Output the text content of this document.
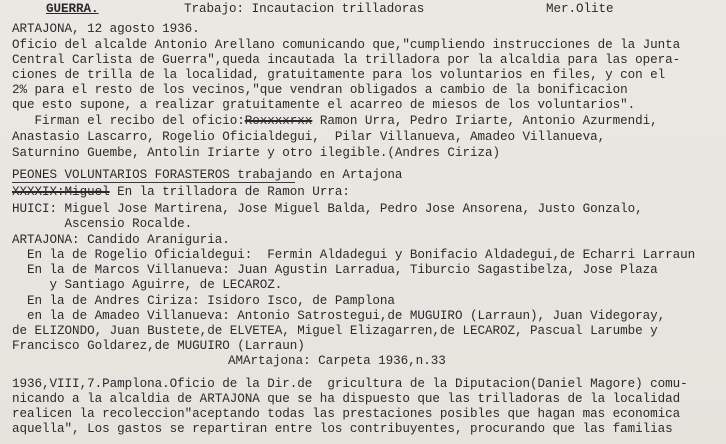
GUERRA.	Trabajo: Incautacion trilladoras	Mer.Olite
ARTAJONA, 12 agosto 1936.
Oficio del alcalde Antonio Arellano comunicando que,"cumpliendo instrucciones de la Junta
Central Carlista de Guerra",queda incautada la trilladora por la alcaldia para las opera-
ciones de trilla de la localidad, gratuitamente para los voluntarios en files, y con el
2% para el resto de los vecinos,"que vendran obligados a cambio de la bonificacion
que esto supone, a realizar gratuitamente el acarreo de miesos de los voluntarios".
Firman el recibo del oficio:Roxxxxrxx Ramon Urra, Pedro Iriarte, Antonio Azurmendi,
Anastasio Lascarro, Rogelio Oficialdegui,  Pilar Villanueva, Amadeo Villanueva,
Saturnino Guembe, Antolin Iriarte y otro ilegible.(Andres Ciriza)
PEONES VOLUNTARIOS FORASTEROS trabajando en Artajona
XXXXIX:Miguel En la trilladora de Ramon Urra:
HUICI: Miguel Jose Martirena, Jose Miguel Balda, Pedro Jose Ansorena, Justo Gonzalo,
Ascensio Rocalde.
ARTAJONA: Candido Araniguria.
En la de Rogelio Oficialdegui:  Fermin Aldadegui y Bonifacio Aldadegui,de Echarri Larraun
En la de Marcos Villanueva: Juan Agustin Larradua, Tiburcio Sagastibelza, Jose Plaza
y Santiago Aguirre, de LECAROZ.
En la de Andres Ciriza: Isidoro Isco, de Pamplona
en la de Amadeo Villanueva: Antonio Satrostegui,de MUGUIRO (Larraun), Juan Videgoray,
de ELIZONDO, Juan Bustete,de ELVETEA, Miguel Elizagarren,de LECAROZ, Pascual Larumbe y
Francisco Goldarez,de MUGUIRO (Larraun)
AMArtajona: Carpeta 1936,n.33
1936,VIII,7.Pamplona.Oficio de la Dir.de  gricultura de la Diputacion(Daniel Magore) comu-
nicando a la alcaldia de ARTAJONA que se ha dispuesto que las trilladoras de la localidad
realicen la recoleccion"aceptando todas las prestaciones posibles que hagan mas economica
aquella", Los gastos se repartiran entre los contribuyentes, procurando que las familias
